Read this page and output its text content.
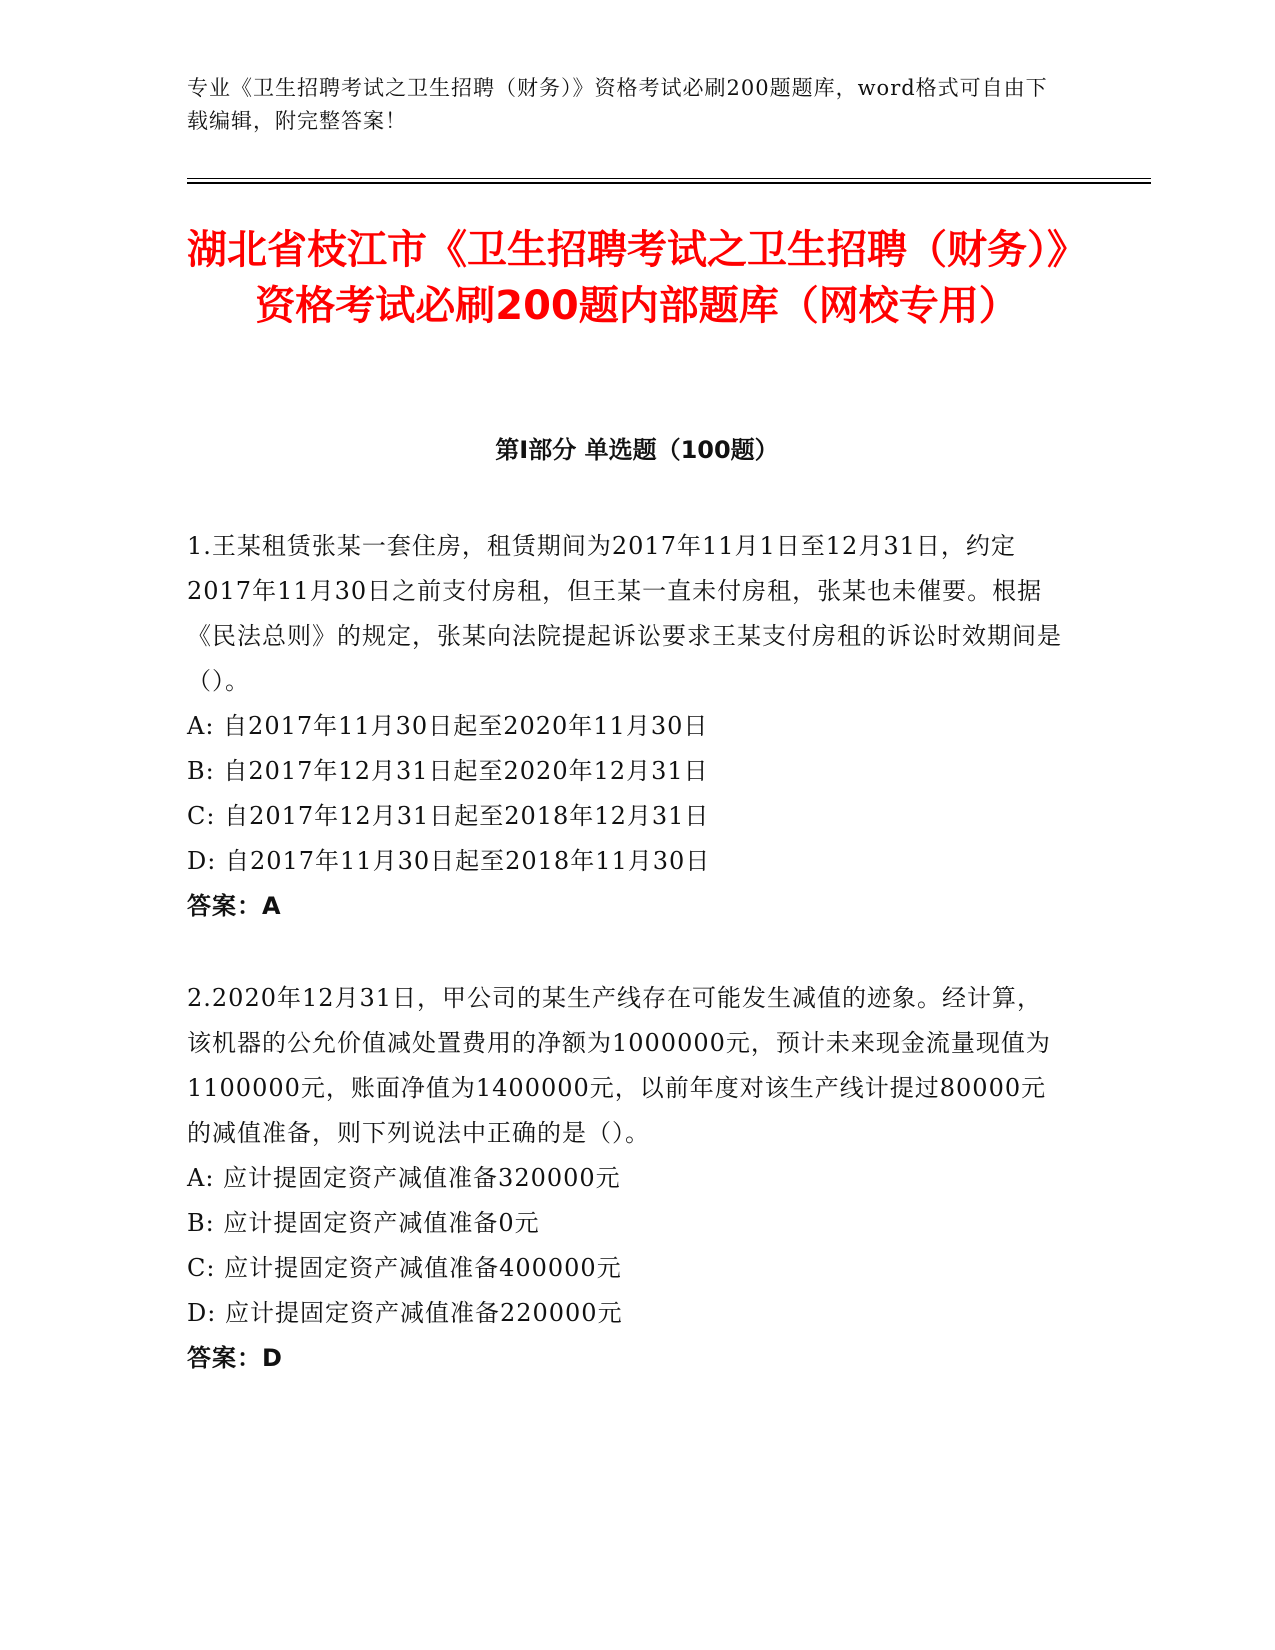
专业《卫生招聘考试之卫生招聘（财务）》资格考试必刷200题题库，word格式可自由下载编辑，附完整答案！
湖北省枝江市《卫生招聘考试之卫生招聘（财务）》资格考试必刷200题内部题库（网校专用）
第Ⅰ部分 单选题（100题）

1.王某租赁张某一套住房，租赁期间为2017年11月1日至12月31日，约定2017年11月30日之前支付房租，但王某一直未付房租，张某也未催要。根据《民法总则》的规定，张某向法院提起诉讼要求王某支付房租的诉讼时效期间是（）。

A: 自2017年11月30日起至2020年11月30日

B: 自2017年12月31日起至2020年12月31日

C: 自2017年12月31日起至2018年12月31日

D: 自2017年11月30日起至2018年11月30日

答案：A

2.2020年12月31日，甲公司的某生产线存在可能发生减值的迹象。经计算，该机器的公允价值减处置费用的净额为1000000元，预计未来现金流量现值为1100000元，账面净值为1400000元，以前年度对该生产线计提过80000元的减值准备，则下列说法中正确的是（）。

A: 应计提固定资产减值准备320000元

B: 应计提固定资产减值准备0元

C: 应计提固定资产减值准备400000元

D: 应计提固定资产减值准备220000元

答案：D
